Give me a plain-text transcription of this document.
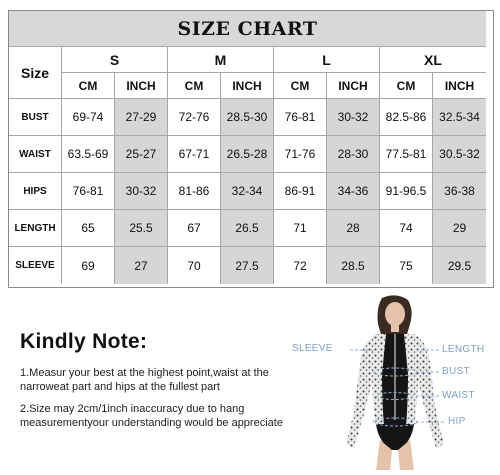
SIZE CHART
Size
S	M	L	XL
CM	INCH	CM	INCH	CM	INCH	CM	INCH
BUST	69-74	27-29	72-76	28.5-30	76-81	30-32	82.5-86	32.5-34
WAIST	63.5-69	25-27	67-71	26.5-28	71-76	28-30	77.5-81	30.5-32
HIPS	76-81	30-32	81-86	32-34	86-91	34-36	91-96.5	36-38
LENGTH	65	25.5	67	26.5	71	28	74	29
SLEEVE	69	27	70	27.5	72	28.5	75	29.5

Kindly Note:

1.Measur your best at the highest point,waist at the narroweat part and hips at the fullest part

2.Size may 2cm/1inch inaccuracy due to hang measurementyour understanding would be appreciate

SLEEVE	LENGTH
BUST
WAIST
HIP
